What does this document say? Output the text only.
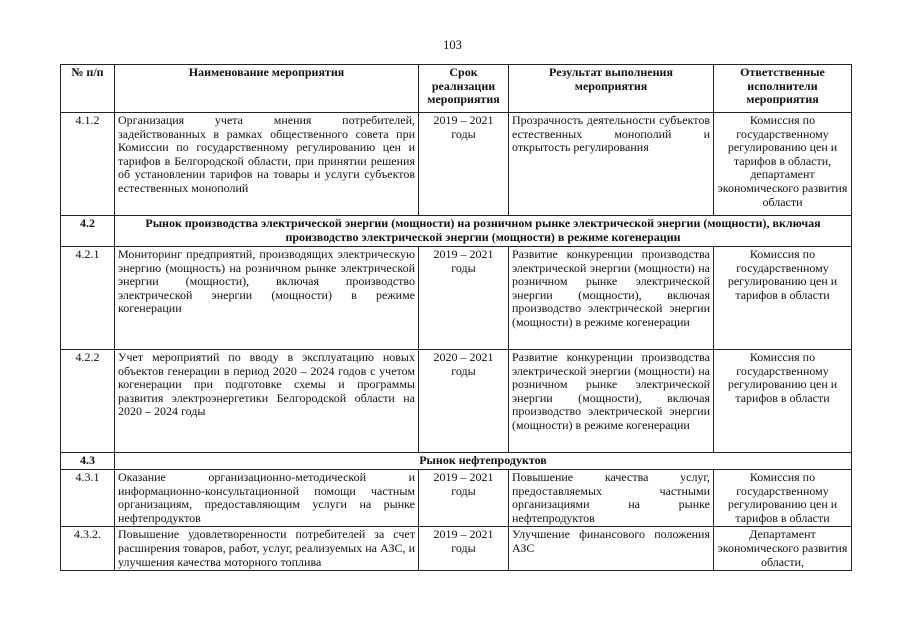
103
№ п/п	Наименование мероприятия	Срок реализации мероприятия	Результат выполнения мероприятия	Ответственные исполнители мероприятия
4.1.2	Организация учета мнения потребителей, задействованных в рамках общественного совета при Комиссии по государственному регулированию цен и тарифов в Белгородской области, при принятии решения об установлении тарифов на товары и услуги субъектов естественных монополий	2019 – 2021 годы	Прозрачность деятельности субъектов естественных монополий и открытость регулирования	Комиссия по государственному регулированию цен и тарифов в области, департамент экономического развития области
4.2	Рынок производства электрической энергии (мощности) на розничном рынке электрической энергии (мощности), включая производство электрической энергии (мощности) в режиме когенерации			
4.2.1	Мониторинг предприятий, производящих электрическую энергию (мощность) на розничном рынке электрической энергии (мощности), включая производство электрической энергии (мощности) в режиме когенерации	2019 – 2021 годы	Развитие конкуренции производства электрической энергии (мощности) на розничном рынке электрической энергии (мощности), включая производство электрической энергии (мощности) в режиме когенерации	Комиссия по государственному регулированию цен и тарифов в области
4.2.2	Учет мероприятий по вводу в эксплуатацию новых объектов генерации в период 2020 – 2024 годов с учетом когенерации при подготовке схемы и программы развития электроэнергетики Белгородской области на 2020 – 2024 годы	2020 – 2021 годы	Развитие конкуренции производства электрической энергии (мощности) на розничном рынке электрической энергии (мощности), включая производство электрической энергии (мощности) в режиме когенерации	Комиссия по государственному регулированию цен и тарифов в области
4.3	Рынок нефтепродуктов			
4.3.1	Оказание организационно-методической и информационно-консультационной помощи частным организациям, предоставляющим услуги на рынке нефтепродуктов	2019 – 2021 годы	Повышение качества услуг, предоставляемых частными организациями на рынке нефтепродуктов	Комиссия по государственному регулированию цен и тарифов в области
4.3.2.	Повышение удовлетворенности потребителей за счет расширения товаров, работ, услуг, реализуемых на АЗС, и улучшения качества моторного топлива	2019 – 2021 годы	Улучшение финансового положения АЗС	Департамент экономического развития области,
